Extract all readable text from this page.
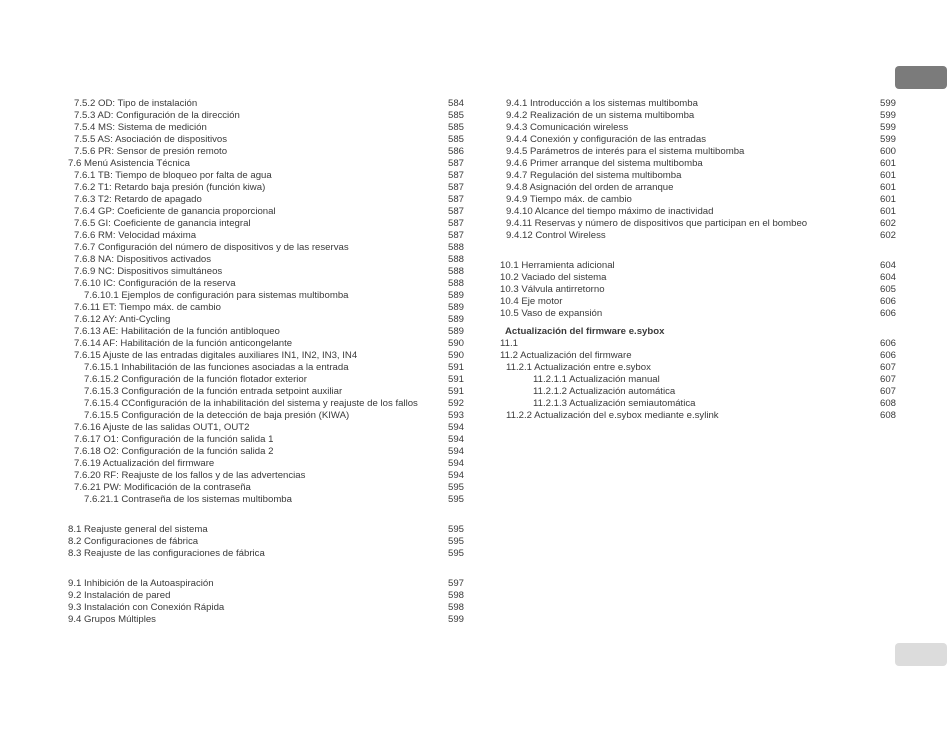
7.5.2 OD: Tipo de instalación	584
7.5.3 AD: Configuración de la dirección	585
7.5.4 MS: Sistema de medición	585
7.5.5 AS: Asociación de dispositivos	585
7.5.6 PR: Sensor de presión remoto	586
7.6 Menú Asistencia Técnica	587
7.6.1 TB: Tiempo de bloqueo por falta de agua	587
7.6.2 T1: Retardo baja presión (función kiwa)	587
7.6.3 T2: Retardo de apagado	587
7.6.4 GP: Coeficiente de ganancia proporcional	587
7.6.5 GI: Coeficiente de ganancia integral	587
7.6.6 RM: Velocidad máxima	587
7.6.7 Configuración del número de dispositivos y de las reservas	588
7.6.8 NA: Dispositivos activados	588
7.6.9 NC: Dispositivos simultáneos	588
7.6.10 IC: Configuración de la reserva	588
7.6.10.1 Ejemplos de configuración para sistemas multibomba	589
7.6.11 ET: Tiempo máx. de cambio	589
7.6.12 AY: Anti-Cycling	589
7.6.13 AE: Habilitación de la función antibloqueo	589
7.6.14 AF: Habilitación de la función anticongelante	590
7.6.15 Ajuste de las entradas digitales auxiliares IN1, IN2, IN3, IN4	590
7.6.15.1 Inhabilitación de las funciones asociadas a la entrada	591
7.6.15.2 Configuración de la función flotador exterior	591
7.6.15.3 Configuración de la función entrada setpoint auxiliar	591
7.6.15.4 CConfiguración de la inhabilitación del sistema y reajuste de los fallos	592
7.6.15.5 Configuración de la detección de baja presión (KIWA)	593
7.6.16 Ajuste de las salidas OUT1, OUT2	594
7.6.17 O1: Configuración de la función salida 1	594
7.6.18 O2: Configuración de la función salida 2	594
7.6.19 Actualización del firmware	594
7.6.20 RF: Reajuste de los fallos y de las advertencias	594
7.6.21 PW: Modificación de la contraseña	595
7.6.21.1 Contraseña de los sistemas multibomba	595
8.1 Reajuste general del sistema	595
8.2 Configuraciones de fábrica	595
8.3 Reajuste de las configuraciones de fábrica	595
9.1 Inhibición de la Autoaspiración	597
9.2 Instalación de pared	598
9.3 Instalación con Conexión Rápida	598
9.4 Grupos Múltiples	599
9.4.1 Introducción a los sistemas multibomba	599
9.4.2 Realización de un sistema multibomba	599
9.4.3 Comunicación wireless	599
9.4.4 Conexión y configuración de las entradas	599
9.4.5 Parámetros de interés para el sistema multibomba	600
9.4.6 Primer arranque del sistema multibomba	601
9.4.7 Regulación del sistema multibomba	601
9.4.8 Asignación del orden de arranque	601
9.4.9 Tiempo máx. de cambio	601
9.4.10 Alcance del tiempo máximo de inactividad	601
9.4.11 Reservas y número de dispositivos que participan en el bombeo	602
9.4.12 Control Wireless	602
10.1 Herramienta adicional	604
10.2 Vaciado del sistema	604
10.3 Válvula antirretorno	605
10.4 Eje motor	606
10.5 Vaso de expansión	606
Actualización del firmware e.sybox
11.1	606
11.2 Actualización del firmware	606
11.2.1 Actualización entre e.sybox	607
11.2.1.1 Actualización manual	607
11.2.1.2 Actualización automática	607
11.2.1.3 Actualización semiautomática	608
11.2.2 Actualización del e.sybox mediante e.sylink	608
